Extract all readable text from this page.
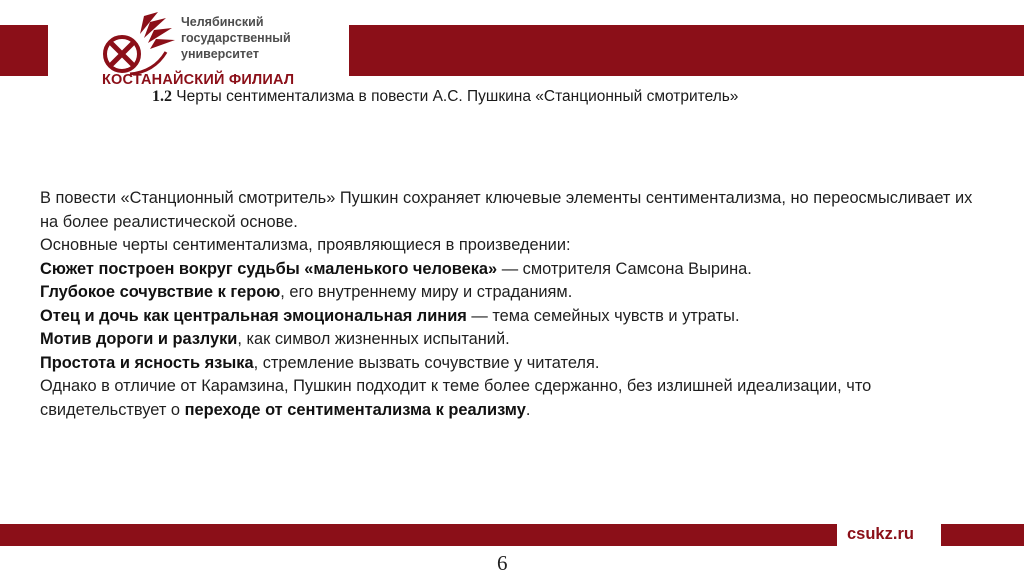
Челябинский
государственный
университет
КОСТАНАЙСКИЙ ФИЛИАЛ
1.2 Черты сентиментализма в повести А.С. Пушкина «Станционный смотритель»

В повести «Станционный смотритель» Пушкин сохраняет ключевые элементы сентиментализма, но переосмысливает их на более реалистической основе.

Основные черты сентиментализма, проявляющиеся в произведении:

Сюжет построен вокруг судьбы «маленького человека» — смотрителя Самсона Вырина.

Глубокое сочувствие к герою, его внутреннему миру и страданиям.

Отец и дочь как центральная эмоциональная линия — тема семейных чувств и утраты.

Мотив дороги и разлуки, как символ жизненных испытаний.

Простота и ясность языка, стремление вызвать сочувствие у читателя.

Однако в отличие от Карамзина, Пушкин подходит к теме более сдержанно, без излишней идеализации, что свидетельствует о переходе от сентиментализма к реализму.

csukz.ru
6
